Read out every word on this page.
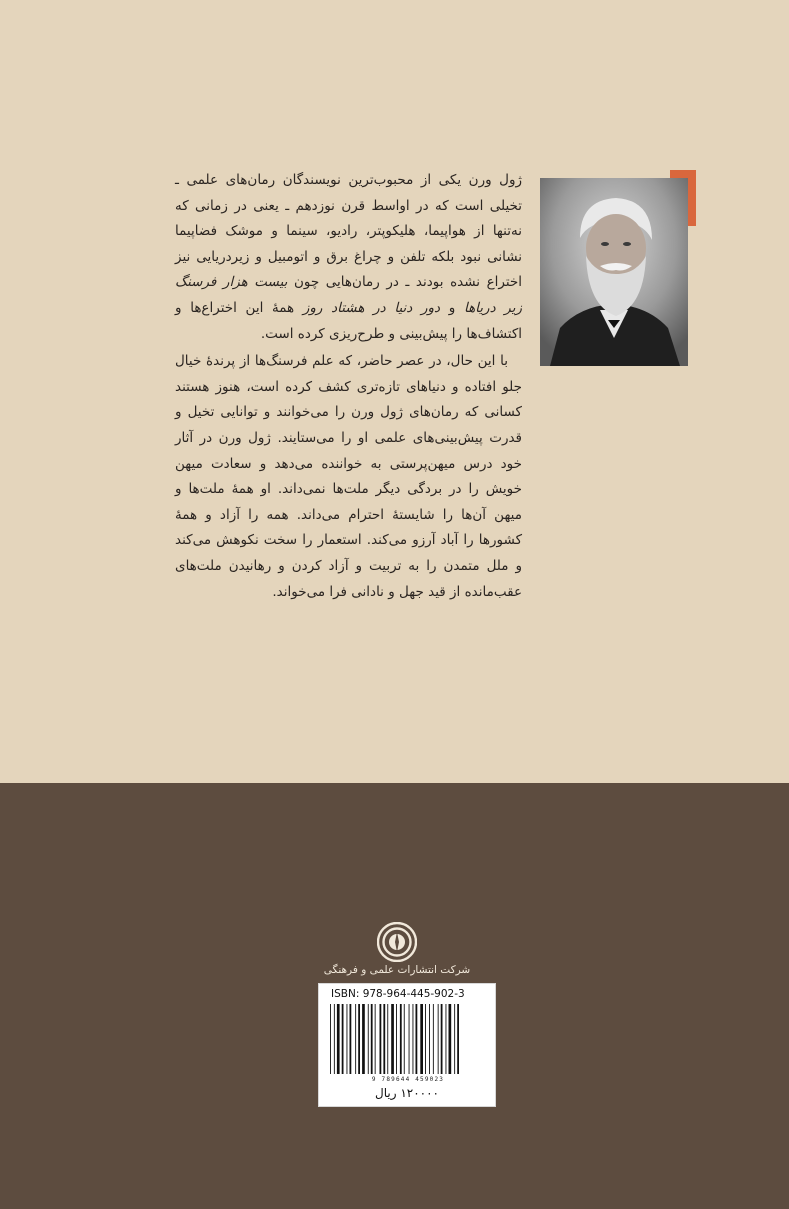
ژول ورن یکی از محبوب‌ترین نویسندگان رمان‌های علمی ـ تخیلی است که در اواسط قرن نوزدهم ـ یعنی در زمانی که نه‌تنها از هواپیما، هلیکوپتر، رادیو، سینما و موشک فضاپیما نشانی نبود بلکه تلفن و چراغ برق و اتومبیل و زیردریایی نیز اختراع نشده بودند ـ در رمان‌هایی چون بیست هزار فرسنگ زیر دریاها و دور دنیا در هشتاد روز همهٔ این اختراع‌ها و اکتشاف‌ها را پیش‌بینی و طرح‌ریزی کرده است.

با این حال، در عصر حاضر، که علم فرسنگ‌ها از پرندهٔ خیال جلو افتاده و دنیاهای تازه‌تری کشف کرده است، هنوز هستند کسانی که رمان‌های ژول ورن را می‌خوانند و توانایی تخیل و قدرت پیش‌بینی‌های علمی او را می‌ستایند. ژول ورن در آثار خود درس میهن‌پرستی به خواننده می‌دهد و سعادت میهن خویش را در بردگی دیگر ملت‌ها نمی‌داند. او همهٔ ملت‌ها و میهن آن‌ها را شایستهٔ احترام می‌داند. همه را آزاد و همهٔ کشورها را آباد آرزو می‌کند. استعمار را سخت نکوهش می‌کند و ملل متمدن را به تربیت و آزاد کردن و رهانیدن ملت‌های عقب‌مانده از قید جهل و نادانی فرا می‌خواند.

شرکت انتشارات علمی و فرهنگی
ISBN: 978-964-445-902-3
9 789644 459023
۱۲۰۰۰۰ ریال
